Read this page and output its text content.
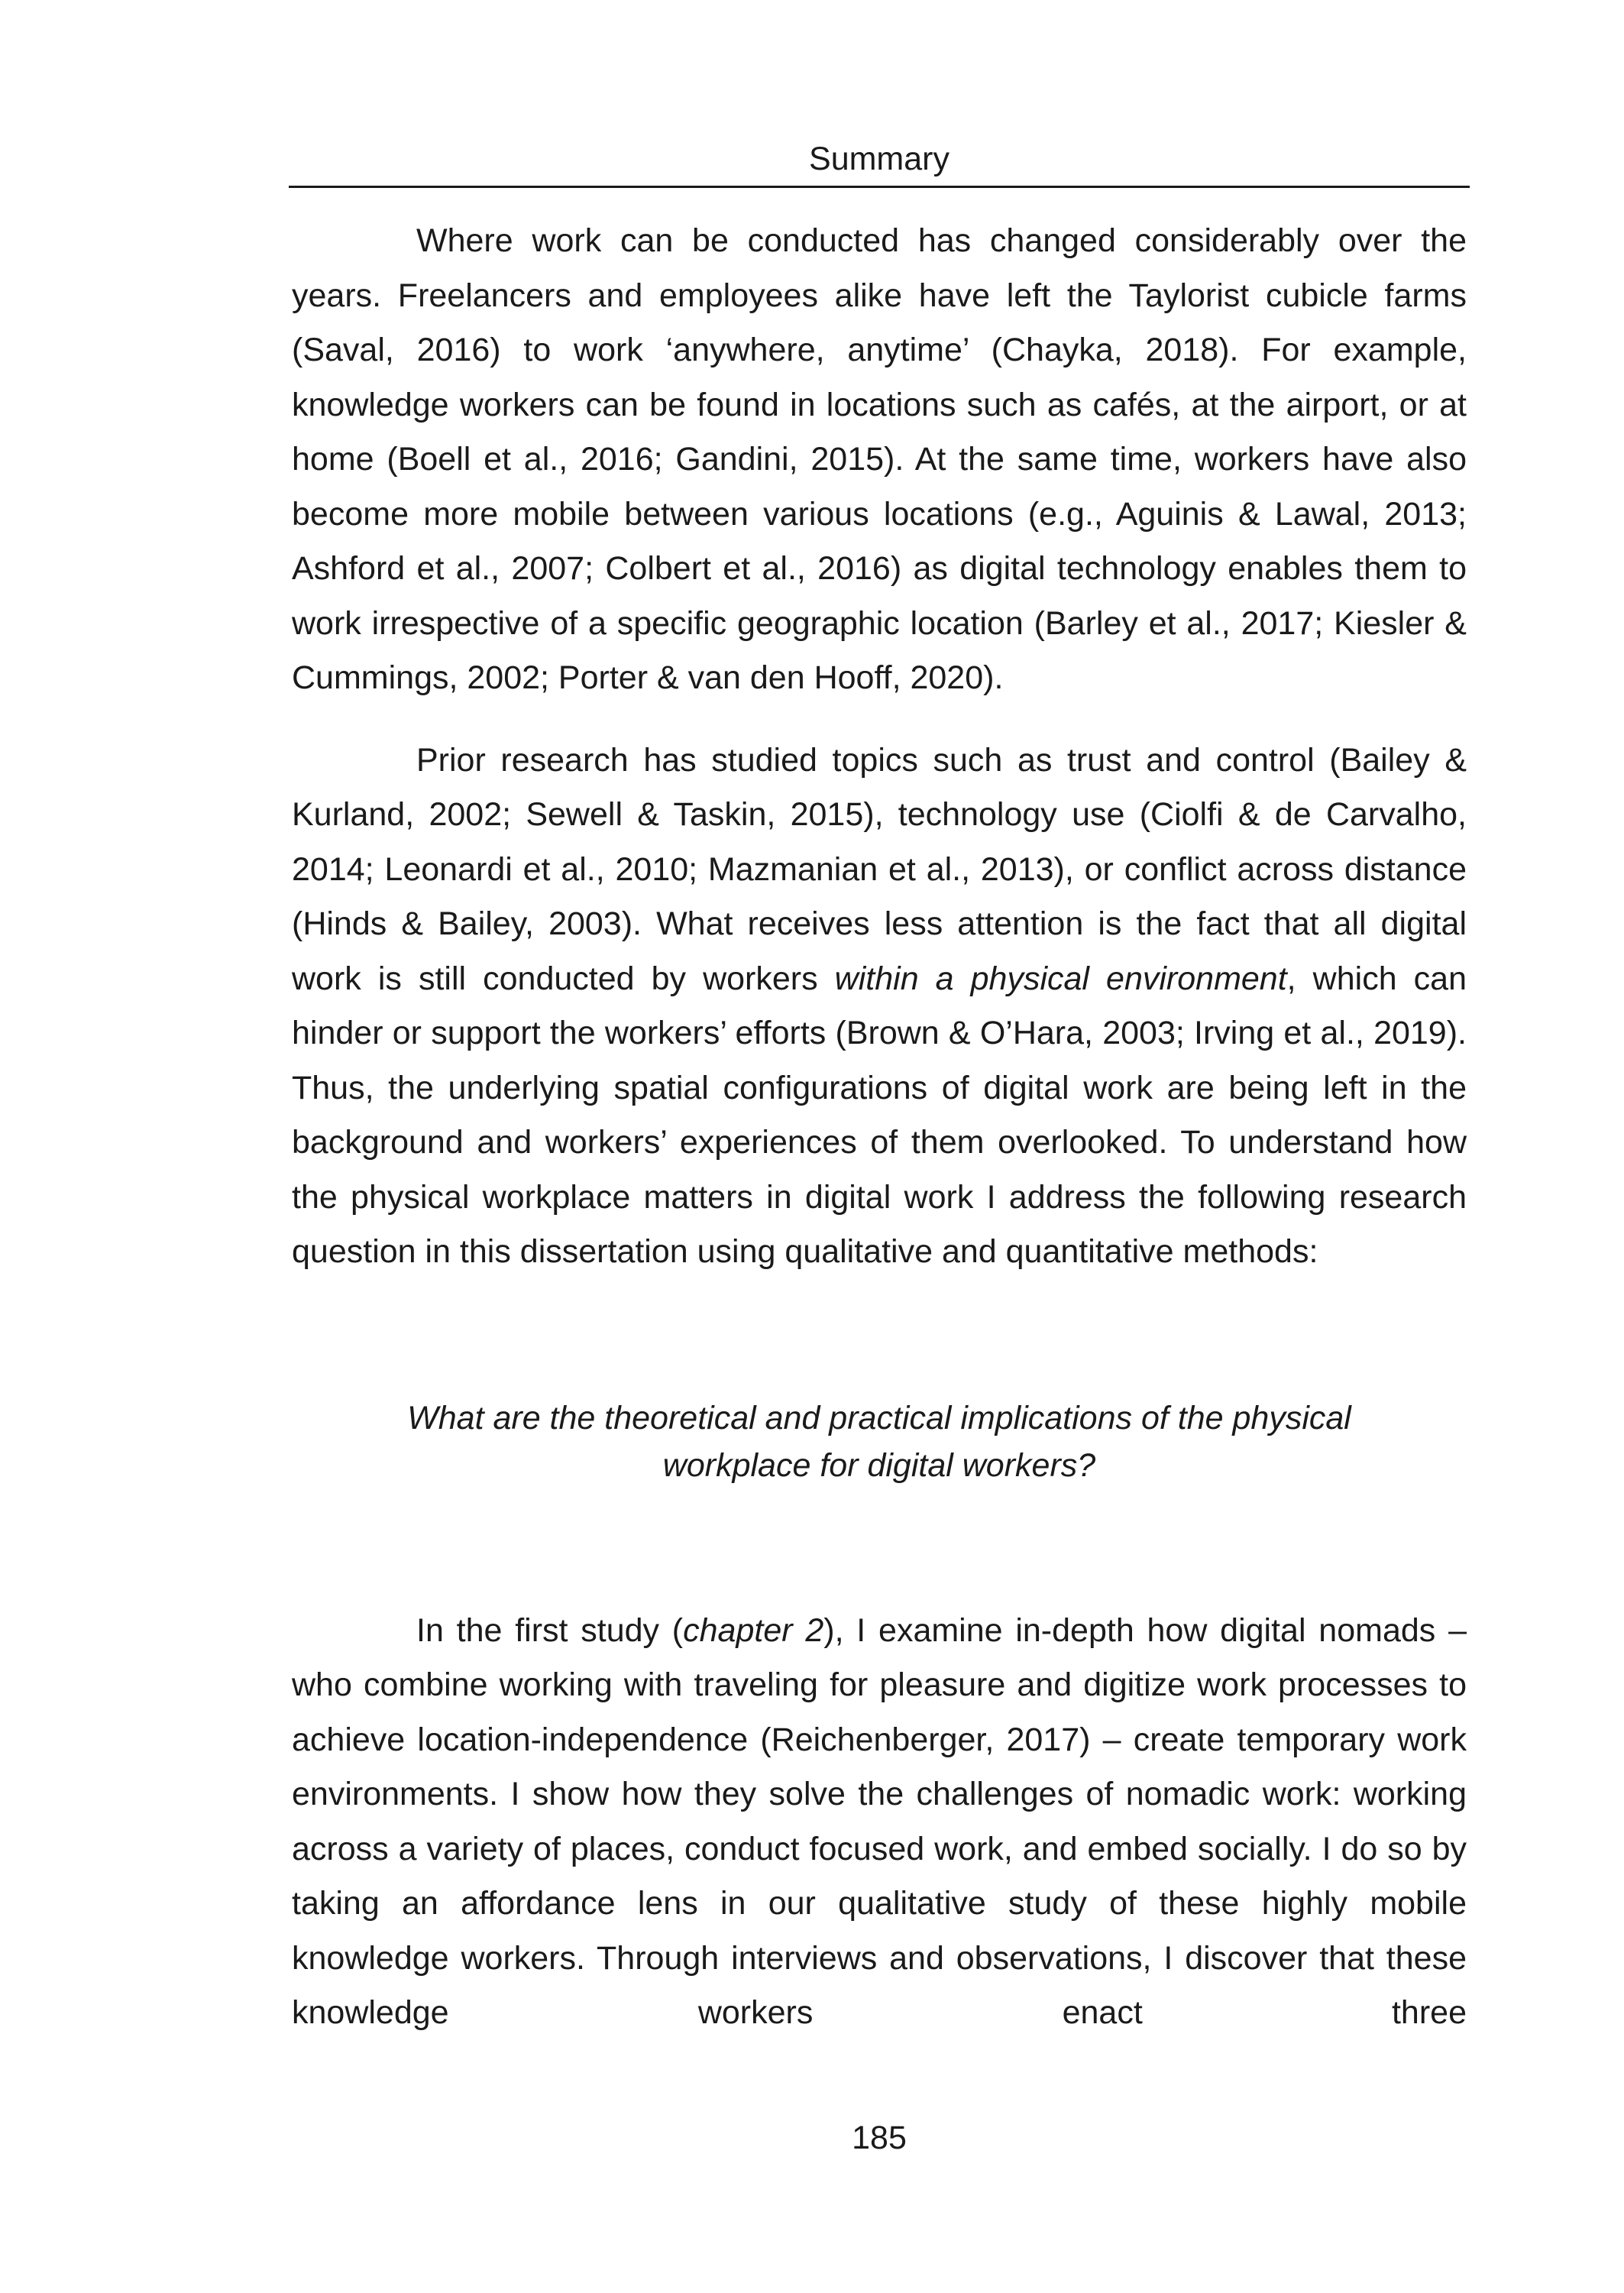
Summary

Where work can be conducted has changed considerably over the years. Freelancers and employees alike have left the Taylorist cubicle farms (Saval, 2016) to work ‘anywhere, anytime’ (Chayka, 2018). For example, knowledge workers can be found in locations such as cafés, at the airport, or at home (Boell et al., 2016; Gandini, 2015). At the same time, workers have also become more mobile between various locations (e.g., Aguinis & Lawal, 2013; Ashford et al., 2007; Colbert et al., 2016) as digital technology enables them to work irrespective of a specific geographic location (Barley et al., 2017; Kiesler & Cummings, 2002; Porter & van den Hooff, 2020).

Prior research has studied topics such as trust and control (Bailey & Kurland, 2002; Sewell & Taskin, 2015), technology use (Ciolfi & de Carvalho, 2014; Leonardi et al., 2010; Mazmanian et al., 2013), or conflict across distance (Hinds & Bailey, 2003). What receives less attention is the fact that all digital work is still conducted by workers within a physical environment, which can hinder or support the workers’ efforts (Brown & O’Hara, 2003; Irving et al., 2019). Thus, the underlying spatial configurations of digital work are being left in the background and workers’ experiences of them overlooked. To understand how the physical workplace matters in digital work I address the following research question in this dissertation using qualitative and quantitative methods:

What are the theoretical and practical implications of the physical
workplace for digital workers?

In the first study (chapter 2), I examine in-depth how digital nomads – who combine working with traveling for pleasure and digitize work processes to achieve location-independence (Reichenberger, 2017) – create temporary work environments. I show how they solve the challenges of nomadic work: working across a variety of places, conduct focused work, and embed socially. I do so by taking an affordance lens in our qualitative study of these highly mobile knowledge workers. Through interviews and observations, I discover that these knowledge workers enact three

185
